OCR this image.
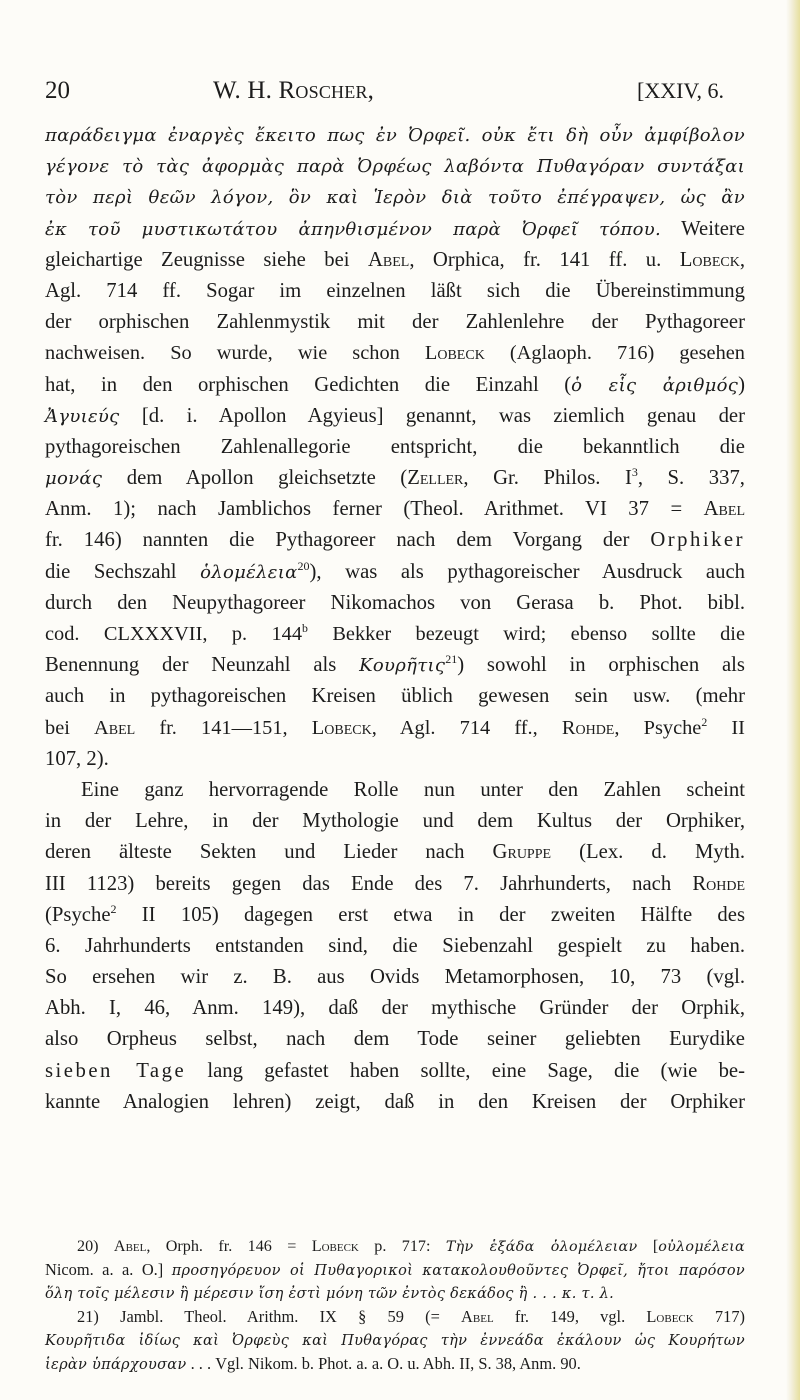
20	W. H. Roscher,	[XXIV, 6.
παράδειγμα ἐναργὲς ἔκειτο πως ἐν Ὀρφεῖ. οὐκ ἔτι δὴ οὖν ἀμφίβολον
γέγονε τὸ τὰς ἀφορμὰς παρὰ Ὀρφέως λαβόντα Πυθαγόραν συντάξαι
τὸν περὶ θεῶν λόγον, ὃν καὶ Ἱερὸν διὰ τοῦτο ἐπέγραψεν, ὡς ἂν
ἐκ τοῦ μυστικωτάτου ἀπηνθισμένον παρὰ Ὀρφεῖ τόπου. Weitere
gleichartige Zeugnisse siehe bei Abel, Orphica, fr. 141 ff. u. Lobeck,
Agl. 714 ff. Sogar im einzelnen läßt sich die Übereinstimmung
der orphischen Zahlenmystik mit der Zahlenlehre der Pythagoreer
nachweisen. So wurde, wie schon Lobeck (Aglaoph. 716) gesehen
hat, in den orphischen Gedichten die Einzahl (ὁ εἷς ἀριθμός)
Ἀγυιεύς [d. i. Apollon Agyieus] genannt, was ziemlich genau der
pythagoreischen Zahlenallegorie entspricht, die bekanntlich die
μονάς dem Apollon gleichsetzte (Zeller, Gr. Philos. $I^3$, S. 337,
Anm. 1); nach Jamblichos ferner (Theol. Arithmet. VI 37 = Abel
fr. 146) nannten die Pythagoreer nach dem Vorgang der Orphiker
die Sechszahl ὁλομέλεια$^{20}$), was als pythagoreischer Ausdruck auch
durch den Neupythagoreer Nikomachos von Gerasa b. Phot. bibl.
cod. CLXXXVII, p. 144$^b$ Bekker bezeugt wird; ebenso sollte die
Benennung der Neunzahl als Κουρῆτις$^{21}$) sowohl in orphischen als
auch in pythagoreischen Kreisen üblich gewesen sein usw. (mehr
bei Abel fr. 141—151, Lobeck, Agl. 714 ff., Rohde, Psyche$^2$ II
107, 2).
Eine ganz hervorragende Rolle nun unter den Zahlen scheint
in der Lehre, in der Mythologie und dem Kultus der Orphiker,
deren älteste Sekten und Lieder nach Gruppe (Lex. d. Myth.
III 1123) bereits gegen das Ende des 7. Jahrhunderts, nach Rohde
(Psyche$^2$ II 105) dagegen erst etwa in der zweiten Hälfte des
6. Jahrhunderts entstanden sind, die Siebenzahl gespielt zu haben.
So ersehen wir z. B. aus Ovids Metamorphosen, 10, 73 (vgl.
Abh. I, 46, Anm. 149), daß der mythische Gründer der Orphik,
also Orpheus selbst, nach dem Tode seiner geliebten Eurydike
sieben Tage lang gefastet haben sollte, eine Sage, die (wie be-
kannte Analogien lehren) zeigt, daß in den Kreisen der Orphiker
20) Abel, Orph. fr. 146 = Lobeck p. 717: Τὴν ἑξάδα ὁλομέλειαν [οὐλομέλεια
Nicom. a. a. O.] προσηγόρευον οἱ Πυθαγορικοὶ κατακολουθοῦντες Ὀρφεῖ, ἤτοι παρόσον
ὅλη τοῖς μέλεσιν ἢ μέρεσιν ἴση ἐστὶ μόνη τῶν ἐντὸς δεκάδος ἢ . . . κ. τ. λ.
21) Jambl. Theol. Arithm. IX § 59 (= Abel fr. 149, vgl. Lobeck 717)
Κουρῆτιδα ἰδίως καὶ Ὀρφεὺς καὶ Πυθαγόρας τὴν ἐννεάδα ἐκάλουν ὡς Κουρήτων
ἱερὰν ὑπάρχουσαν . . . Vgl. Nikom. b. Phot. a. a. O. u. Abh. II, S. 38, Anm. 90.
